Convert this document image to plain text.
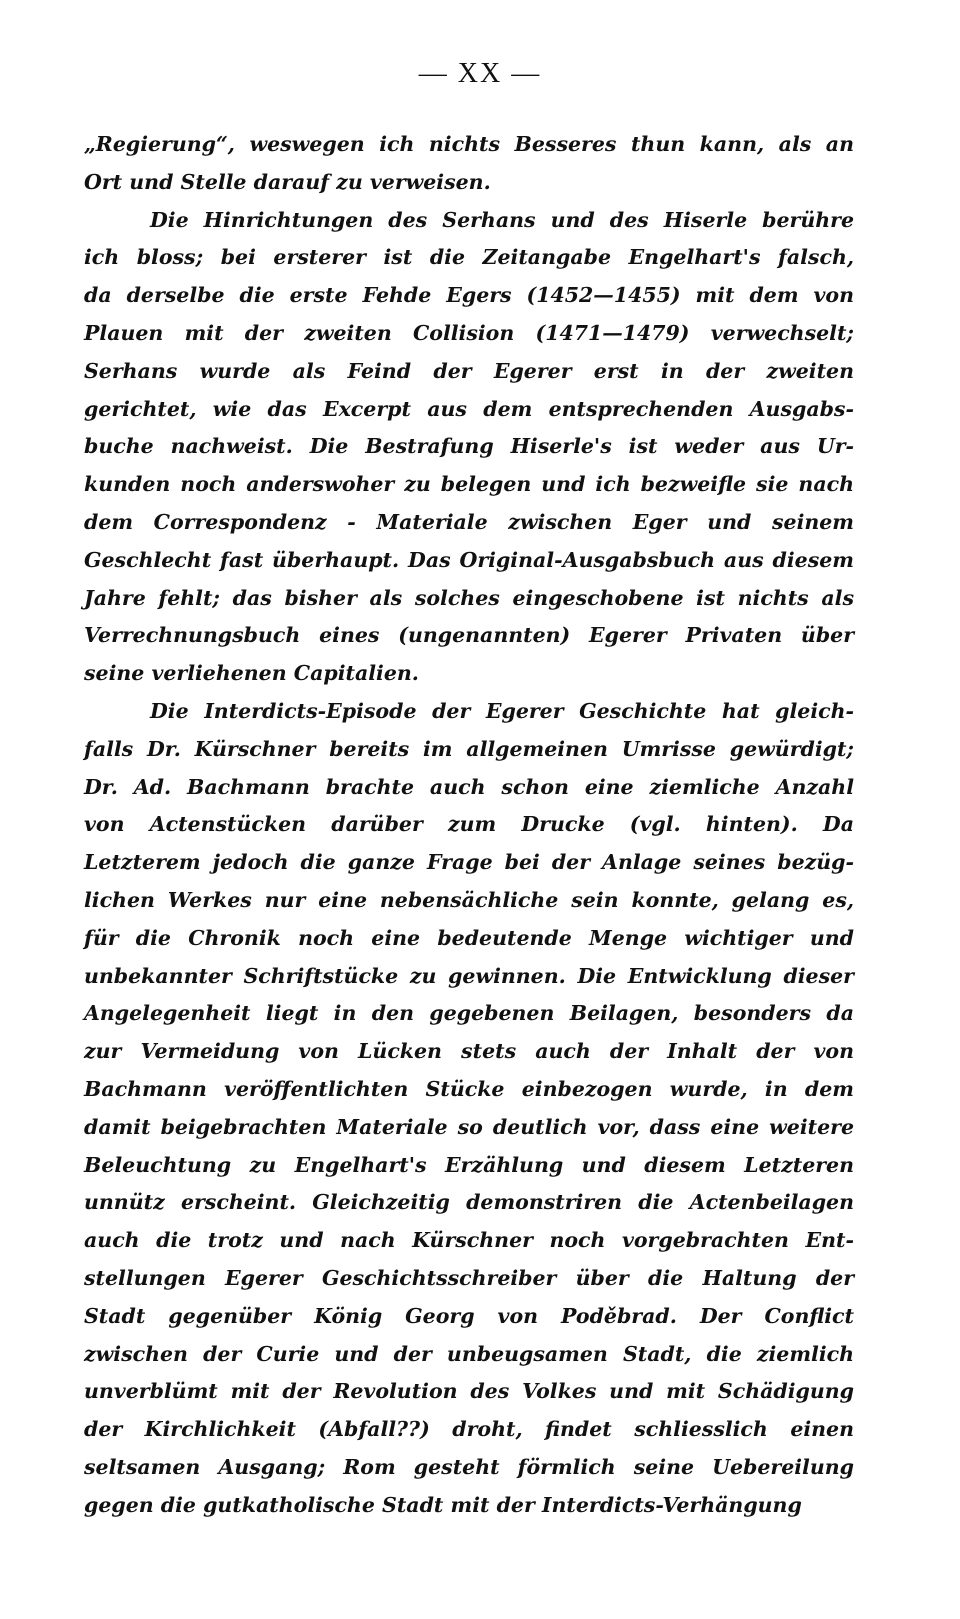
— XX —
„Regierung“, weswegen ich nichts Besseres thun kann, als an
Ort und Stelle darauf zu verweisen.
Die Hinrichtungen des Serhans und des Hiserle berühre
ich bloss; bei ersterer ist die Zeitangabe Engelhart's falsch,
da derselbe die erste Fehde Egers (1452—1455) mit dem von
Plauen mit der zweiten Collision (1471—1479) verwechselt;
Serhans wurde als Feind der Egerer erst in der zweiten
gerichtet, wie das Excerpt aus dem entsprechenden Ausgabs-
buche nachweist. Die Bestrafung Hiserle's ist weder aus Ur-
kunden noch anderswoher zu belegen und ich bezweifle sie nach
dem Correspondenz - Materiale zwischen Eger und seinem
Geschlecht fast überhaupt. Das Original-Ausgabsbuch aus diesem
Jahre fehlt; das bisher als solches eingeschobene ist nichts als
Verrechnungsbuch eines (ungenannten) Egerer Privaten über
seine verliehenen Capitalien.
Die Interdicts-Episode der Egerer Geschichte hat gleich-
falls Dr. Kürschner bereits im allgemeinen Umrisse gewürdigt;
Dr. Ad. Bachmann brachte auch schon eine ziemliche Anzahl
von Actenstücken darüber zum Drucke (vgl. hinten). Da
Letzterem jedoch die ganze Frage bei der Anlage seines bezüg-
lichen Werkes nur eine nebensächliche sein konnte, gelang es,
für die Chronik noch eine bedeutende Menge wichtiger und
unbekannter Schriftstücke zu gewinnen. Die Entwicklung dieser
Angelegenheit liegt in den gegebenen Beilagen, besonders da
zur Vermeidung von Lücken stets auch der Inhalt der von
Bachmann veröffentlichten Stücke einbezogen wurde, in dem
damit beigebrachten Materiale so deutlich vor, dass eine weitere
Beleuchtung zu Engelhart's Erzählung und diesem Letzteren
unnütz erscheint. Gleichzeitig demonstriren die Actenbeilagen
auch die trotz und nach Kürschner noch vorgebrachten Ent-
stellungen Egerer Geschichtsschreiber über die Haltung der
Stadt gegenüber König Georg von Poděbrad. Der Conflict
zwischen der Curie und der unbeugsamen Stadt, die ziemlich
unverblümt mit der Revolution des Volkes und mit Schädigung
der Kirchlichkeit (Abfall??) droht, findet schliesslich einen
seltsamen Ausgang; Rom gesteht förmlich seine Uebereilung
gegen die gutkatholische Stadt mit der Interdicts-Verhängung
